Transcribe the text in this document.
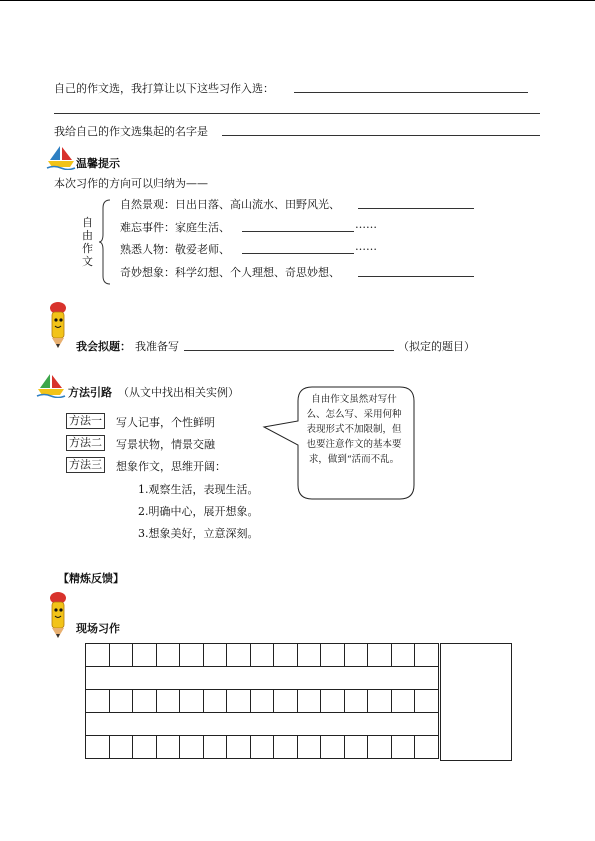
自己的作文选，我打算让以下这些习作入选：
我给自己的作文选集起的名字是
温馨提示
本次习作的方向可以归纳为——
自
由
作
文
自然景观：日出日落、高山流水、田野风光、
难忘事件：家庭生活、	……
熟悉人物：敬爱老师、	……
奇妙想象：科学幻想、个人理想、奇思妙想、
我会拟题： 我准备写	（拟定的题目）
方法引路 （从文中找出相关实例）
方法一 写人记事，个性鲜明
方法二 写景状物，情景交融
方法三 想象作文，思维开阔：
1.观察生活，表现生活。
2.明确中心，展开想象。
3.想象美好，立意深刻。
自由作文虽然对写什么、怎么写、采用何种表现形式不加限制，但也要注意作文的基本要求，做到“活而不乱。
【精炼反馈】
现场习作
